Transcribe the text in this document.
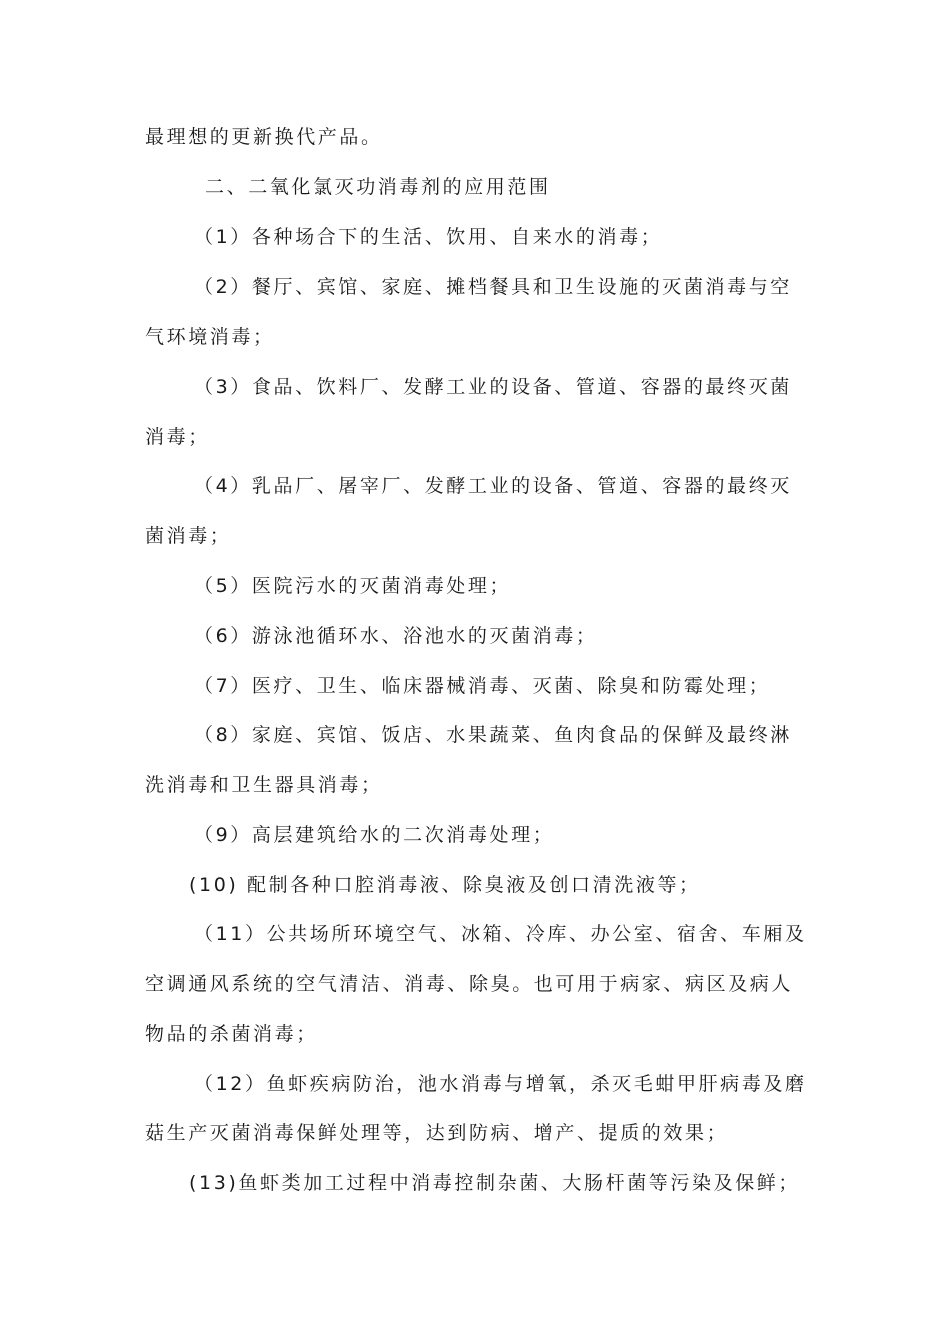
最理想的更新换代产品。
二、二氧化氯灭功消毒剂的应用范围
（1）各种场合下的生活、饮用、自来水的消毒；
（2）餐厅、宾馆、家庭、摊档餐具和卫生设施的灭菌消毒与空
气环境消毒；
（3）食品、饮料厂、发酵工业的设备、管道、容器的最终灭菌
消毒；
（4）乳品厂、屠宰厂、发酵工业的设备、管道、容器的最终灭
菌消毒；
（5）医院污水的灭菌消毒处理；
（6）游泳池循环水、浴池水的灭菌消毒；
（7）医疗、卫生、临床器械消毒、灭菌、除臭和防霉处理；
（8）家庭、宾馆、饭店、水果蔬菜、鱼肉食品的保鲜及最终淋
洗消毒和卫生器具消毒；
（9）高层建筑给水的二次消毒处理；
(10) 配制各种口腔消毒液、除臭液及创口清洗液等；
（11）公共场所环境空气、冰箱、冷库、办公室、宿舍、车厢及
空调通风系统的空气清洁、消毒、除臭。也可用于病家、病区及病人
物品的杀菌消毒；
（12）鱼虾疾病防治，池水消毒与增氧，杀灭毛蚶甲肝病毒及磨
菇生产灭菌消毒保鲜处理等，达到防病、增产、提质的效果；
(13)鱼虾类加工过程中消毒控制杂菌、大肠杆菌等污染及保鲜；
